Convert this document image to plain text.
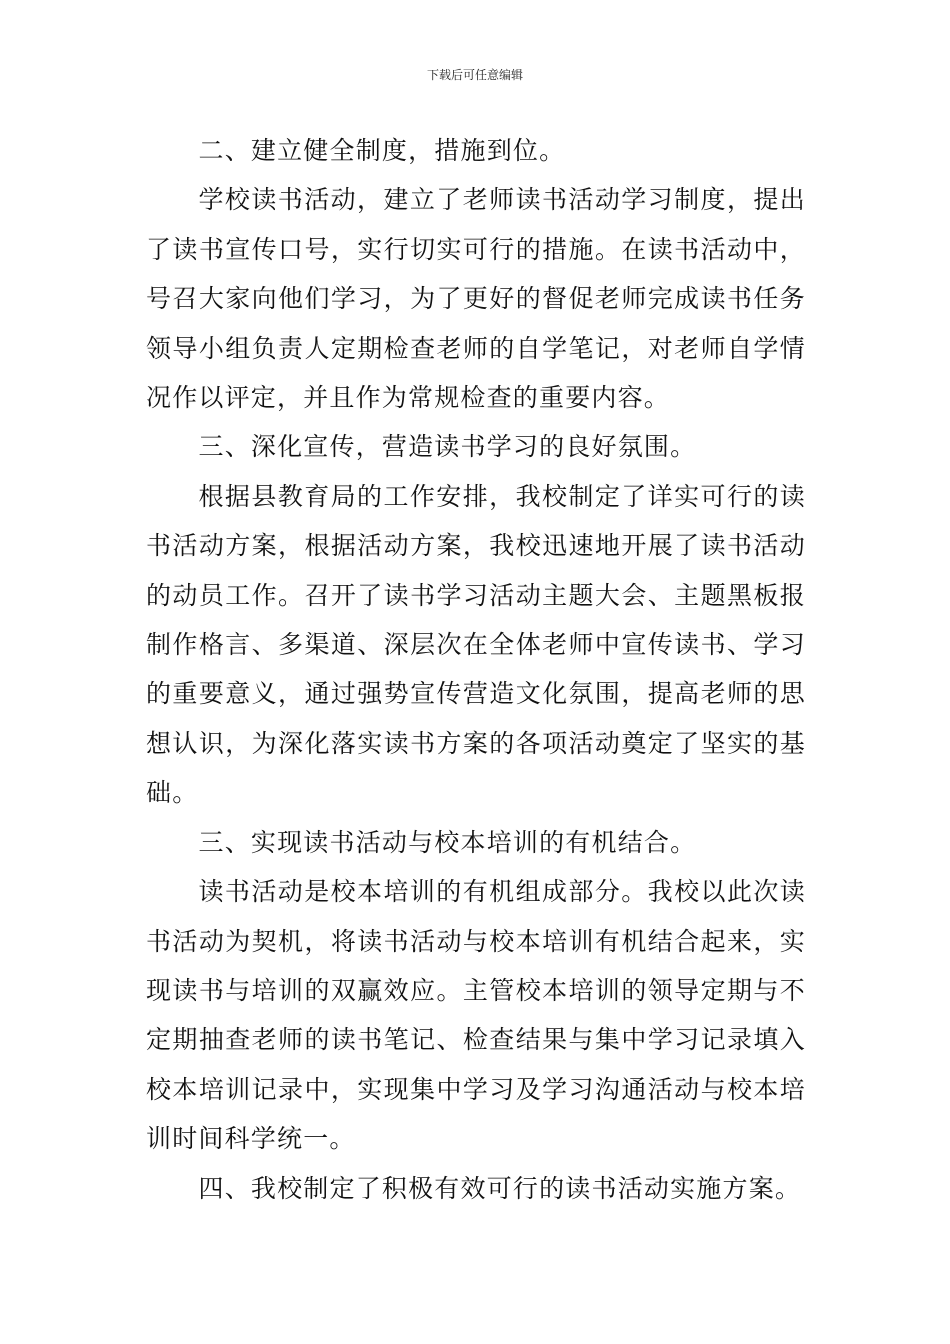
下载后可任意编辑

二、建立健全制度，措施到位。

学校读书活动，建立了老师读书活动学习制度，提出了读书宣传口号，实行切实可行的措施。在读书活动中，号召大家向他们学习，为了更好的督促老师完成读书任务领导小组负责人定期检查老师的自学笔记，对老师自学情况作以评定，并且作为常规检查的重要内容。

三、深化宣传，营造读书学习的良好氛围。

根据县教育局的工作安排，我校制定了详实可行的读书活动方案，根据活动方案，我校迅速地开展了读书活动的动员工作。召开了读书学习活动主题大会、主题黑板报制作格言、多渠道、深层次在全体老师中宣传读书、学习的重要意义，通过强势宣传营造文化氛围，提高老师的思想认识，为深化落实读书方案的各项活动奠定了坚实的基础。

三、实现读书活动与校本培训的有机结合。

读书活动是校本培训的有机组成部分。我校以此次读书活动为契机，将读书活动与校本培训有机结合起来，实现读书与培训的双赢效应。主管校本培训的领导定期与不定期抽查老师的读书笔记、检查结果与集中学习记录填入校本培训记录中，实现集中学习及学习沟通活动与校本培训时间科学统一。

四、我校制定了积极有效可行的读书活动实施方案。
